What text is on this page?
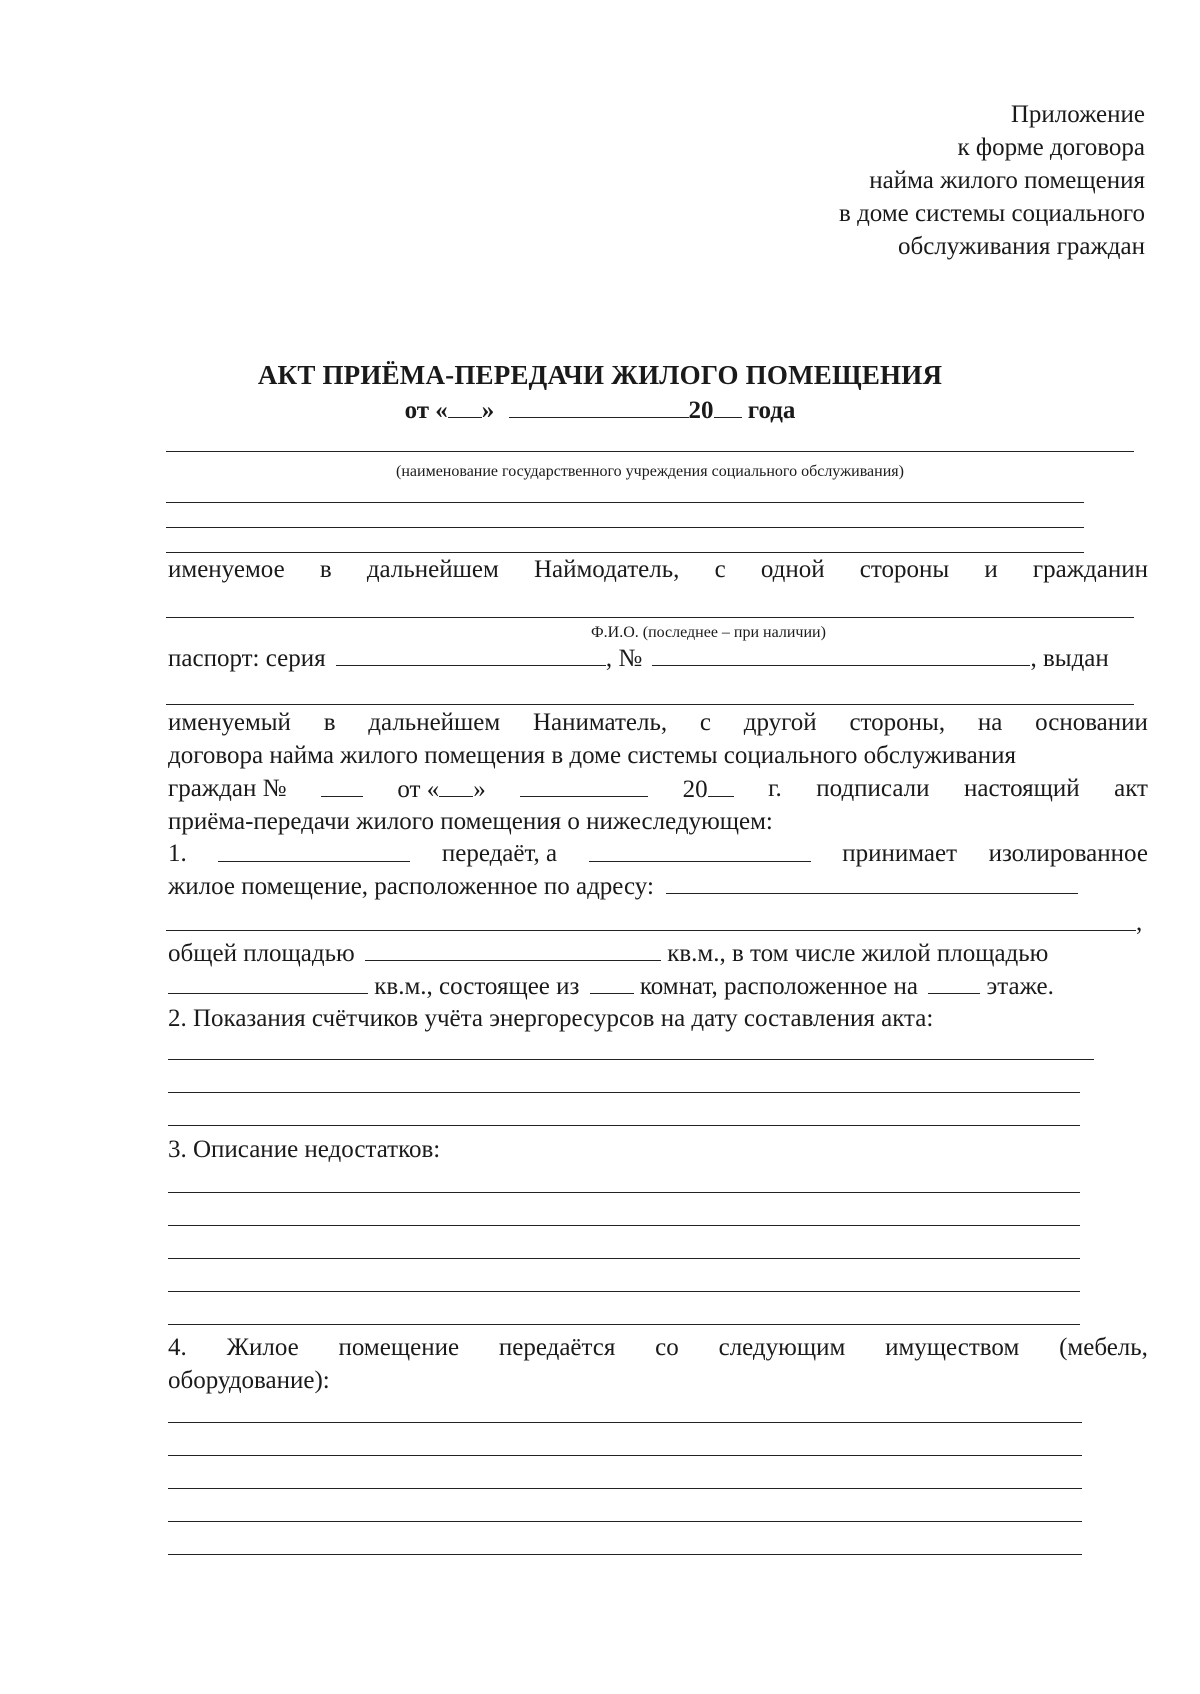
Приложение
к форме договора
найма жилого помещения
в доме системы социального
обслуживания граждан
АКТ ПРИЁМА-ПЕРЕДАЧИ ЖИЛОГО ПОМЕЩЕНИЯ
от « »	20 года
(наименование государственного учреждения социального обслуживания)
именуемое в дальнейшем Наймодатель, с одной стороны и гражданин
Ф.И.О. (последнее – при наличии)
паспорт: серия	, №	, выдан
именуемый в дальнейшем Наниматель, с другой стороны, на основании
договора найма жилого помещения в доме системы социального обслуживания
граждан №	от « »	20	г. подписали настоящий акт
приёма-передачи жилого помещения о нижеследующем:
1.	передаёт, а	принимает изолированное
жилое помещение, расположенное по адресу:
,
общей площадью	кв.м., в том числе жилой площадью
кв.м., состоящее из комнат, расположенное на	этаже.
2. Показания счётчиков учёта энергоресурсов на дату составления акта:
3. Описание недостатков:
4. Жилое помещение передаётся со следующим имуществом (мебель,
оборудование):
